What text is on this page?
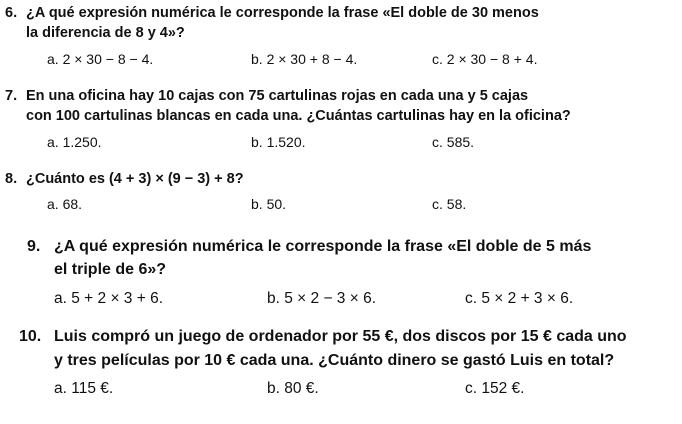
6. ¿A qué expresión numérica le corresponde la frase «El doble de 30 menos
la diferencia de 8 y 4»?
a. 2 × 30 − 8 − 4.	b. 2 × 30 + 8 − 4.	c. 2 × 30 − 8 + 4.
7. En una oficina hay 10 cajas con 75 cartulinas rojas en cada una y 5 cajas
con 100 cartulinas blancas en cada una. ¿Cuántas cartulinas hay en la oficina?
a. 1.250.	b. 1.520.	c. 585.
8. ¿Cuánto es (4 + 3) × (9 − 3) + 8?
a. 68.	b. 50.	c. 58.
9. ¿A qué expresión numérica le corresponde la frase «El doble de 5 más
el triple de 6»?
a. 5 + 2 × 3 + 6.	b. 5 × 2 − 3 × 6.	c. 5 × 2 + 3 × 6.
10. Luis compró un juego de ordenador por 55 €, dos discos por 15 € cada uno
y tres películas por 10 € cada una. ¿Cuánto dinero se gastó Luis en total?
a. 115 €.	b. 80 €.	c. 152 €.
